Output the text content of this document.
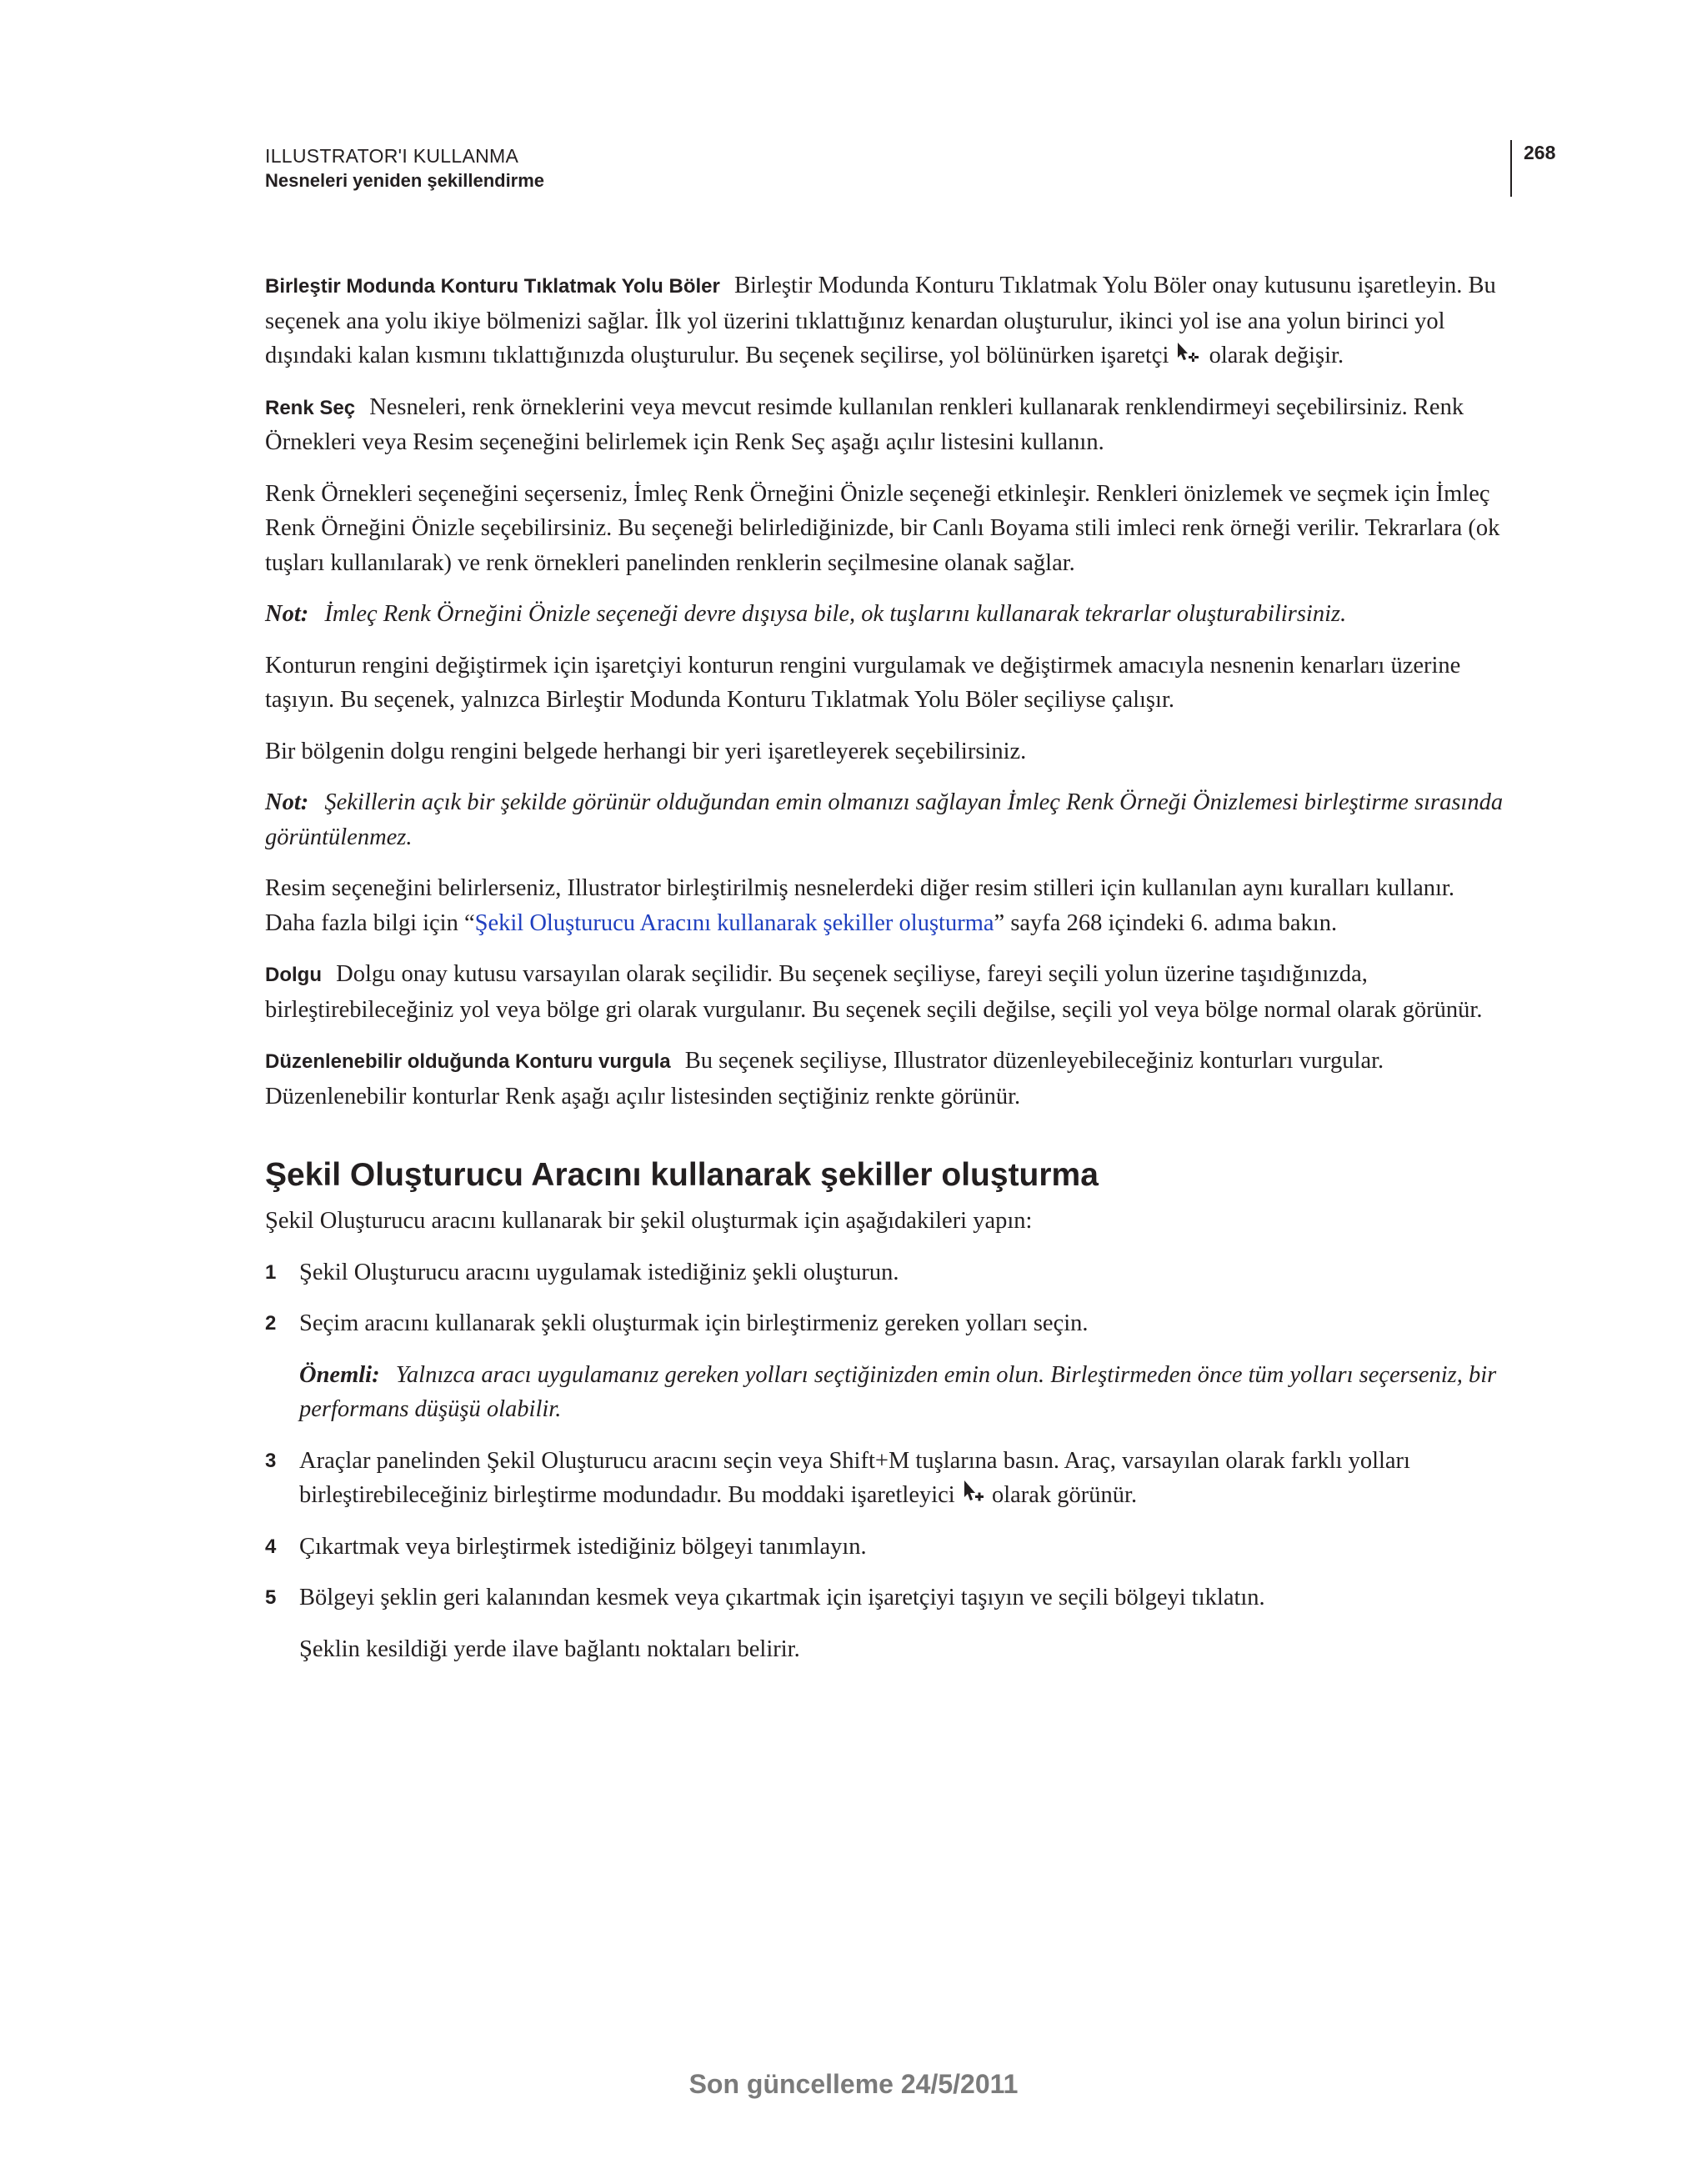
ILLUSTRATOR'I KULLANMA
Nesneleri yeniden şekillendirme
268

Birleştir Modunda Konturu Tıklatmak Yolu Böler Birleştir Modunda Konturu Tıklatmak Yolu Böler onay kutusunu işaretleyin. Bu seçenek ana yolu ikiye bölmenizi sağlar. İlk yol üzerini tıklattığınız kenardan oluşturulur, ikinci yol ise ana yolun birinci yol dışındaki kalan kısmını tıklattığınızda oluşturulur. Bu seçenek seçilirse, yol bölünürken işaretçi olarak değişir.

Renk Seç Nesneleri, renk örneklerini veya mevcut resimde kullanılan renkleri kullanarak renklendirmeyi seçebilirsiniz. Renk Örnekleri veya Resim seçeneğini belirlemek için Renk Seç aşağı açılır listesini kullanın.

Renk Örnekleri seçeneğini seçerseniz, İmleç Renk Örneğini Önizle seçeneği etkinleşir. Renkleri önizlemek ve seçmek için İmleç Renk Örneğini Önizle seçebilirsiniz. Bu seçeneği belirlediğinizde, bir Canlı Boyama stili imleci renk örneği verilir. Tekrarlara (ok tuşları kullanılarak) ve renk örnekleri panelinden renklerin seçilmesine olanak sağlar.

Not: İmleç Renk Örneğini Önizle seçeneği devre dışıysa bile, ok tuşlarını kullanarak tekrarlar oluşturabilirsiniz.

Konturun rengini değiştirmek için işaretçiyi konturun rengini vurgulamak ve değiştirmek amacıyla nesnenin kenarları üzerine taşıyın. Bu seçenek, yalnızca Birleştir Modunda Konturu Tıklatmak Yolu Böler seçiliyse çalışır.

Bir bölgenin dolgu rengini belgede herhangi bir yeri işaretleyerek seçebilirsiniz.

Not: Şekillerin açık bir şekilde görünür olduğundan emin olmanızı sağlayan İmleç Renk Örneği Önizlemesi birleştirme sırasında görüntülenmez.

Resim seçeneğini belirlerseniz, Illustrator birleştirilmiş nesnelerdeki diğer resim stilleri için kullanılan aynı kuralları kullanır. Daha fazla bilgi için “Şekil Oluşturucu Aracını kullanarak şekiller oluşturma” sayfa 268 içindeki 6. adıma bakın.

Dolgu Dolgu onay kutusu varsayılan olarak seçilidir. Bu seçenek seçiliyse, fareyi seçili yolun üzerine taşıdığınızda, birleştirebileceğiniz yol veya bölge gri olarak vurgulanır. Bu seçenek seçili değilse, seçili yol veya bölge normal olarak görünür.

Düzenlenebilir olduğunda Konturu vurgula Bu seçenek seçiliyse, Illustrator düzenleyebileceğiniz konturları vurgular. Düzenlenebilir konturlar Renk aşağı açılır listesinden seçtiğiniz renkte görünür.

Şekil Oluşturucu Aracını kullanarak şekiller oluşturma

Şekil Oluşturucu aracını kullanarak bir şekil oluşturmak için aşağıdakileri yapın:

1 Şekil Oluşturucu aracını uygulamak istediğiniz şekli oluşturun.
2 Seçim aracını kullanarak şekli oluşturmak için birleştirmeniz gereken yolları seçin.
Önemli: Yalnızca aracı uygulamanız gereken yolları seçtiğinizden emin olun. Birleştirmeden önce tüm yolları seçerseniz, bir performans düşüşü olabilir.
3 Araçlar panelinden Şekil Oluşturucu aracını seçin veya Shift+M tuşlarına basın. Araç, varsayılan olarak farklı yolları birleştirebileceğiniz birleştirme modundadır. Bu moddaki işaretleyici olarak görünür.
4 Çıkartmak veya birleştirmek istediğiniz bölgeyi tanımlayın.
5 Bölgeyi şeklin geri kalanından kesmek veya çıkartmak için işaretçiyi taşıyın ve seçili bölgeyi tıklatın.
Şeklin kesildiği yerde ilave bağlantı noktaları belirir.
Son güncelleme 24/5/2011
